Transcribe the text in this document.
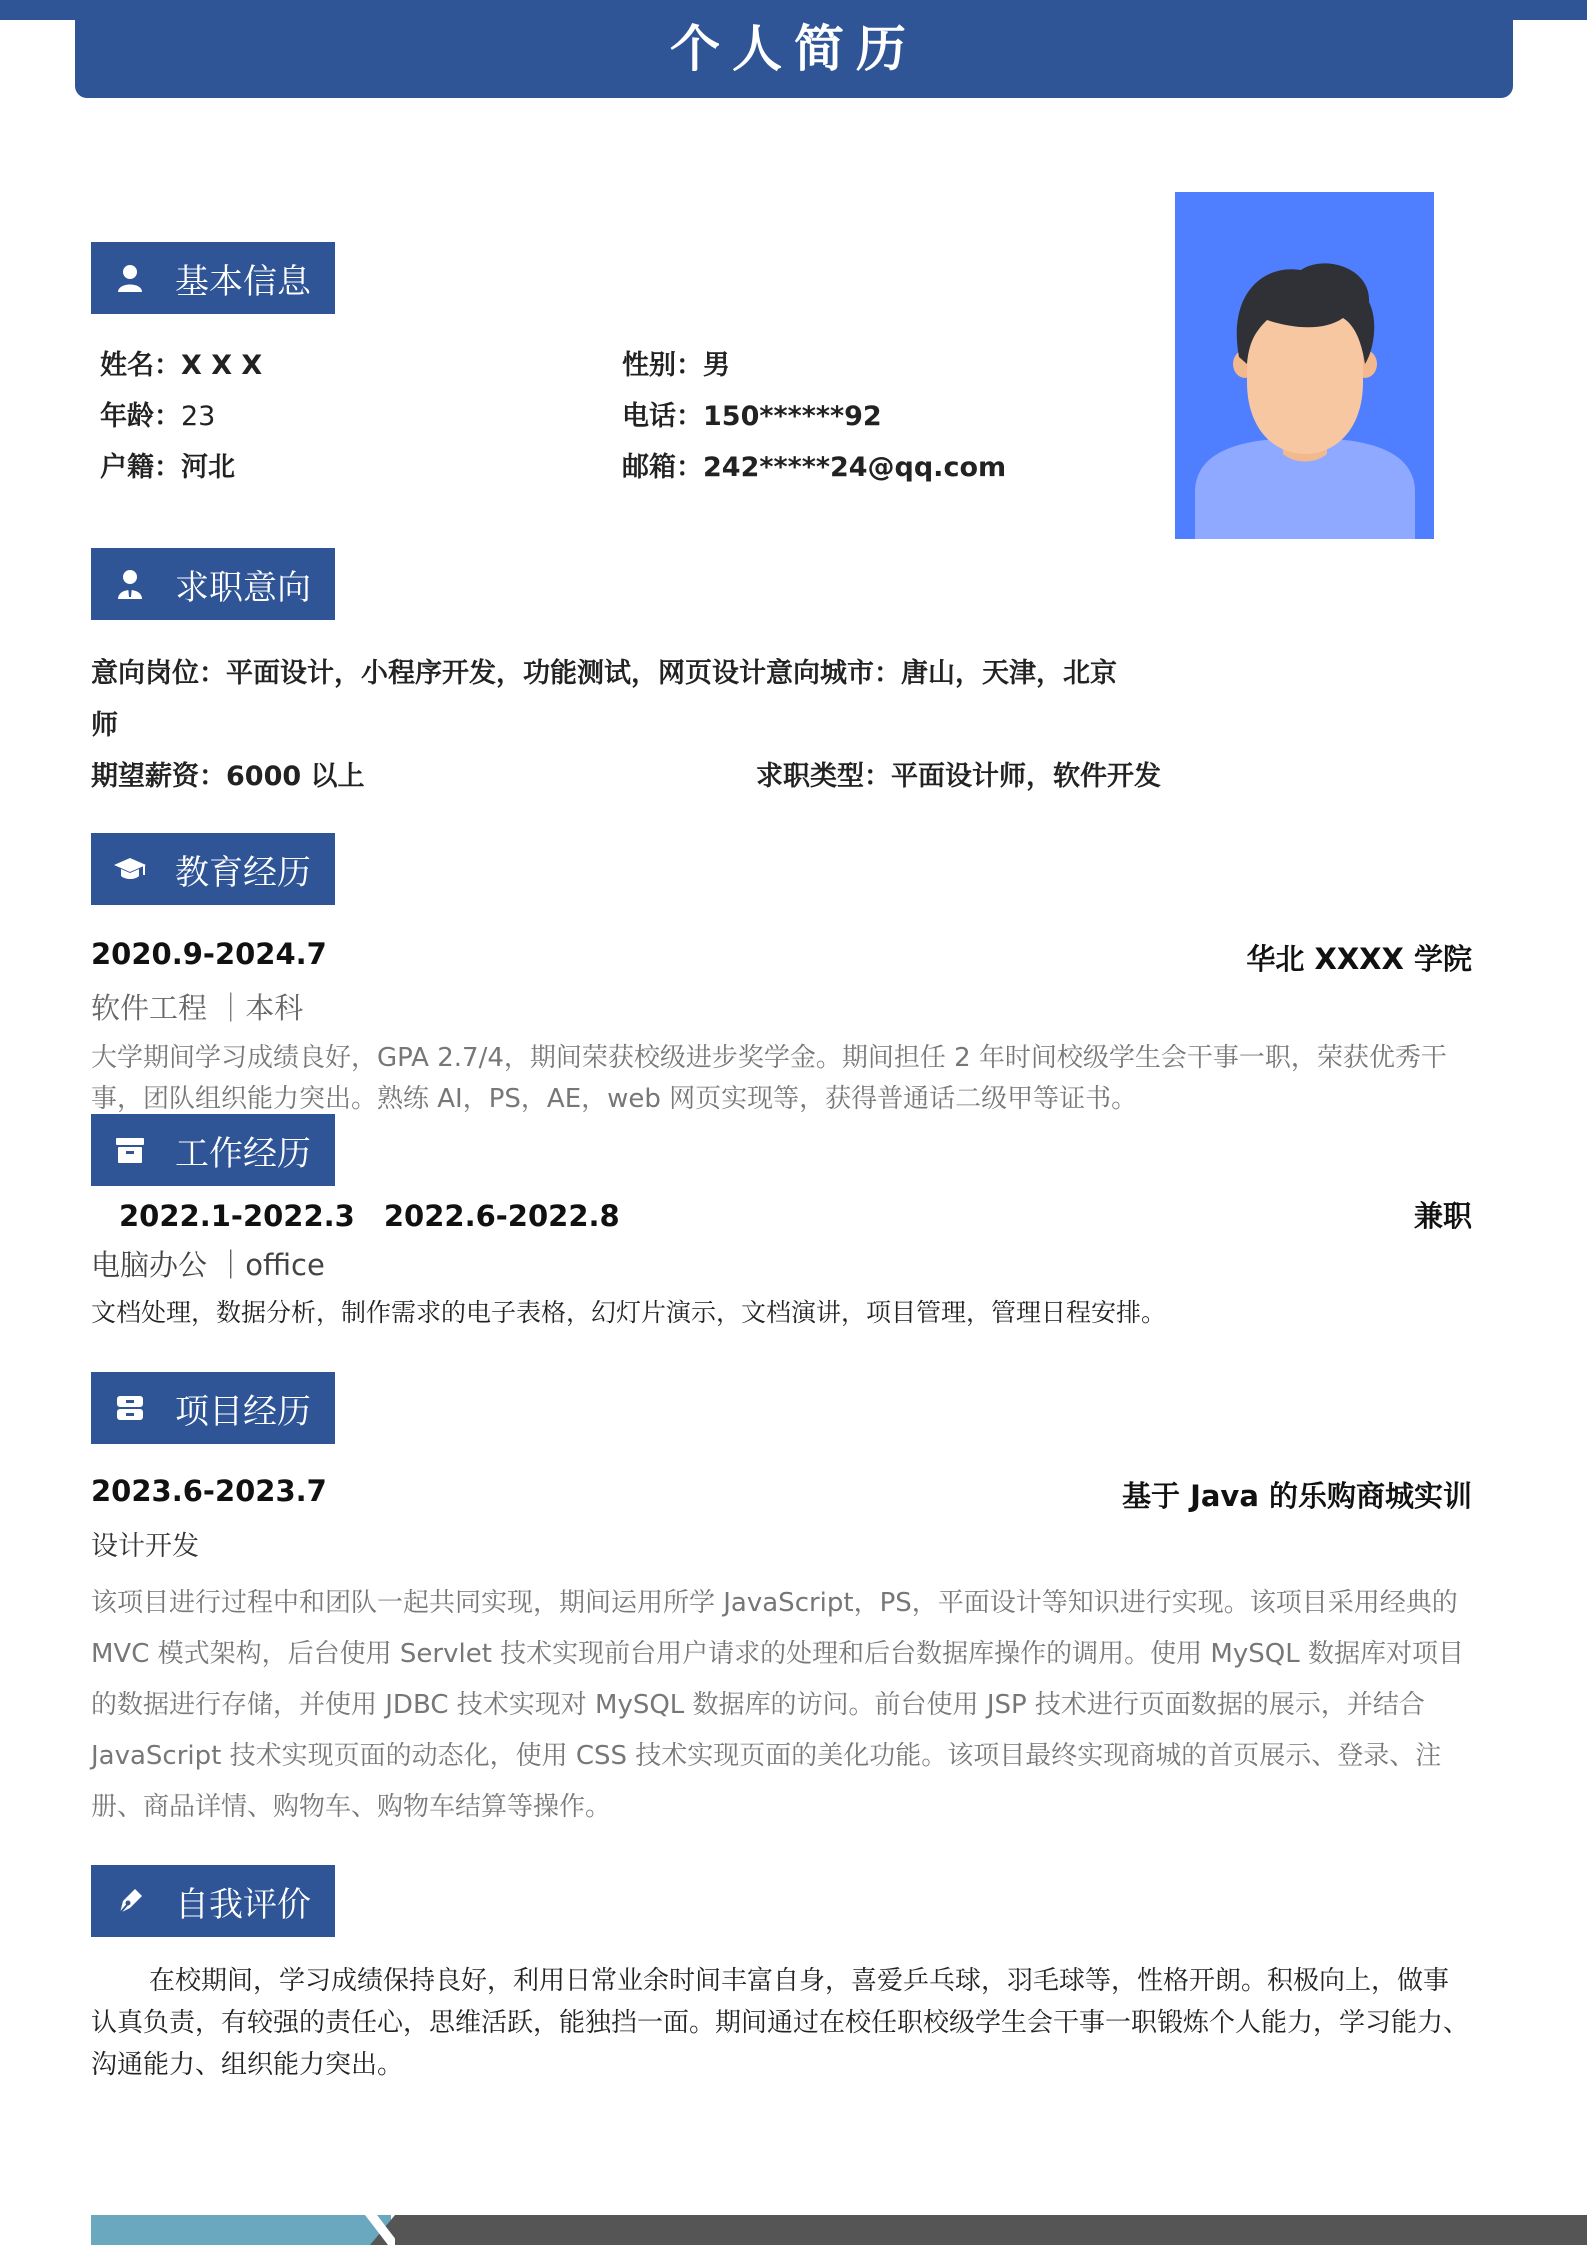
个人简历
基本信息
姓名：X X X	性别：男
年龄：23	电话：150******92
户籍：河北	邮箱：242*****24@qq.com
求职意向
意向岗位：平面设计，小程序开发，功能测试，网页设计意向城市：唐山，天津，北京
师
期望薪资：6000 以上	求职类型：平面设计师，软件开发
教育经历
2020.9-2024.7	华北 XXXX 学院
软件工程 ｜本科
大学期间学习成绩良好，GPA 2.7/4，期间荣获校级进步奖学金。期间担任 2 年时间校级学生会干事一职，荣获优秀干事，团队组织能力突出。熟练 AI，PS，AE，web 网页实现等，获得普通话二级甲等证书。
工作经历
2022.1-2022.3　2022.6-2022.8	兼职
电脑办公 ｜office
文档处理，数据分析，制作需求的电子表格，幻灯片演示，文档演讲，项目管理，管理日程安排。
项目经历
2023.6-2023.7	基于 Java 的乐购商城实训
设计开发
该项目进行过程中和团队一起共同实现，期间运用所学 JavaScript，PS，平面设计等知识进行实现。该项目采用经典的 MVC 模式架构，后台使用 Servlet 技术实现前台用户请求的处理和后台数据库操作的调用。使用 MySQL 数据库对项目的数据进行存储，并使用 JDBC 技术实现对 MySQL 数据库的访问。前台使用 JSP 技术进行页面数据的展示，并结合 JavaScript 技术实现页面的动态化，使用 CSS 技术实现页面的美化功能。该项目最终实现商城的首页展示、登录、注册、商品详情、购物车、购物车结算等操作。
自我评价
在校期间，学习成绩保持良好，利用日常业余时间丰富自身，喜爱乒乓球，羽毛球等，性格开朗。积极向上，做事认真负责，有较强的责任心，思维活跃，能独挡一面。期间通过在校任职校级学生会干事一职锻炼个人能力，学习能力、沟通能力、组织能力突出。
